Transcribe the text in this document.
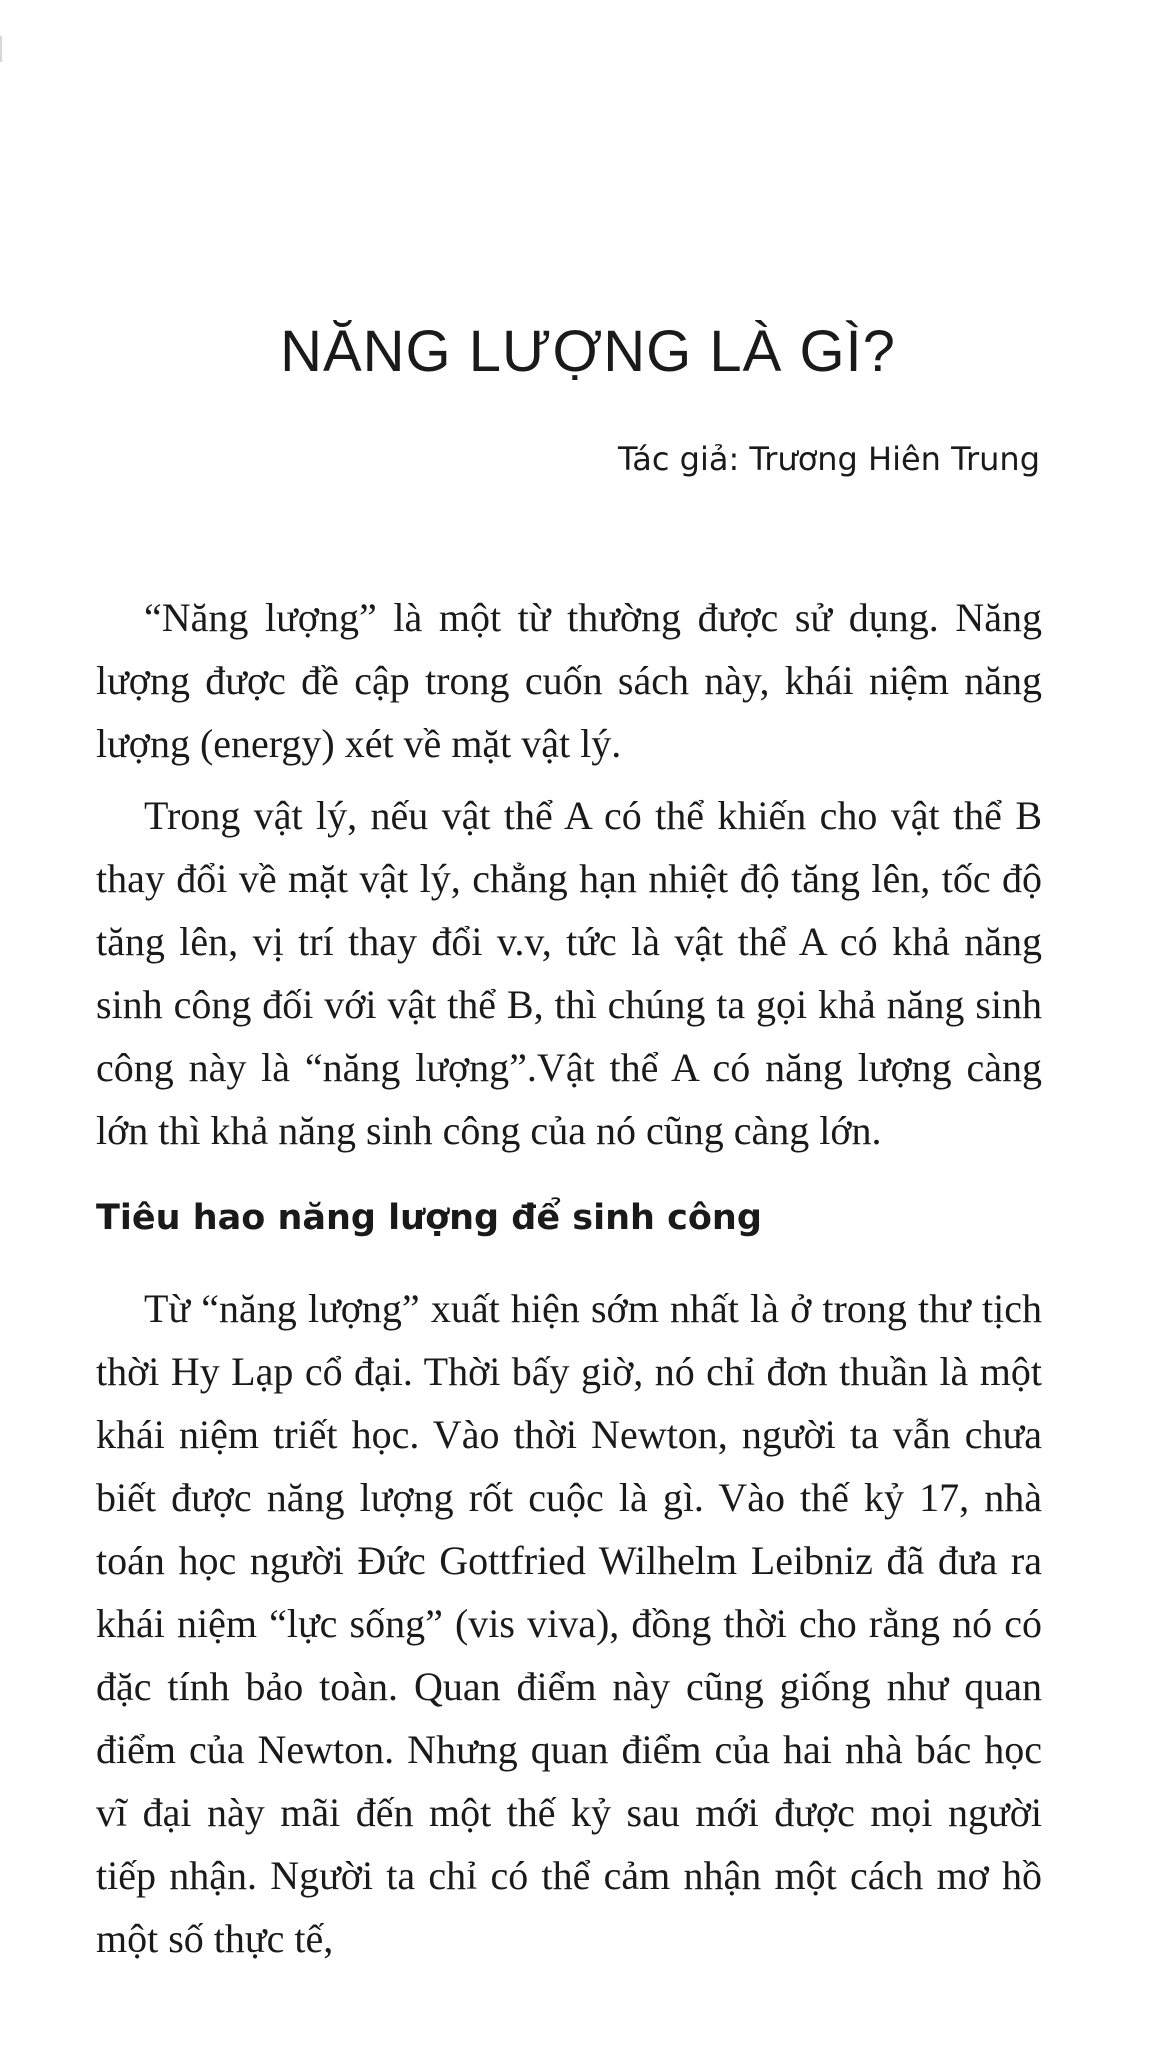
NĂNG LƯỢNG LÀ GÌ?
Tác giả: Trương Hiên Trung

“Năng lượng” là một từ thường được sử dụng. Năng lượng được đề cập trong cuốn sách này, khái niệm năng lượng (energy) xét về mặt vật lý.

Trong vật lý, nếu vật thể A có thể khiến cho vật thể B thay đổi về mặt vật lý, chẳng hạn nhiệt độ tăng lên, tốc độ tăng lên, vị trí thay đổi v.v, tức là vật thể A có khả năng sinh công đối với vật thể B, thì chúng ta gọi khả năng sinh công này là “năng lượng”.Vật thể A có năng lượng càng lớn thì khả năng sinh công của nó cũng càng lớn.

Tiêu hao năng lượng để sinh công

Từ “năng lượng” xuất hiện sớm nhất là ở trong thư tịch thời Hy Lạp cổ đại. Thời bấy giờ, nó chỉ đơn thuần là một khái niệm triết học. Vào thời Newton, người ta vẫn chưa biết được năng lượng rốt cuộc là gì. Vào thế kỷ 17, nhà toán học người Đức Gottfried Wilhelm Leibniz đã đưa ra khái niệm “lực sống” (vis viva), đồng thời cho rằng nó có đặc tính bảo toàn. Quan điểm này cũng giống như quan điểm của Newton. Nhưng quan điểm của hai nhà bác học vĩ đại này mãi đến một thế kỷ sau mới được mọi người tiếp nhận. Người ta chỉ có thể cảm nhận một cách mơ hồ một số thực tế,
